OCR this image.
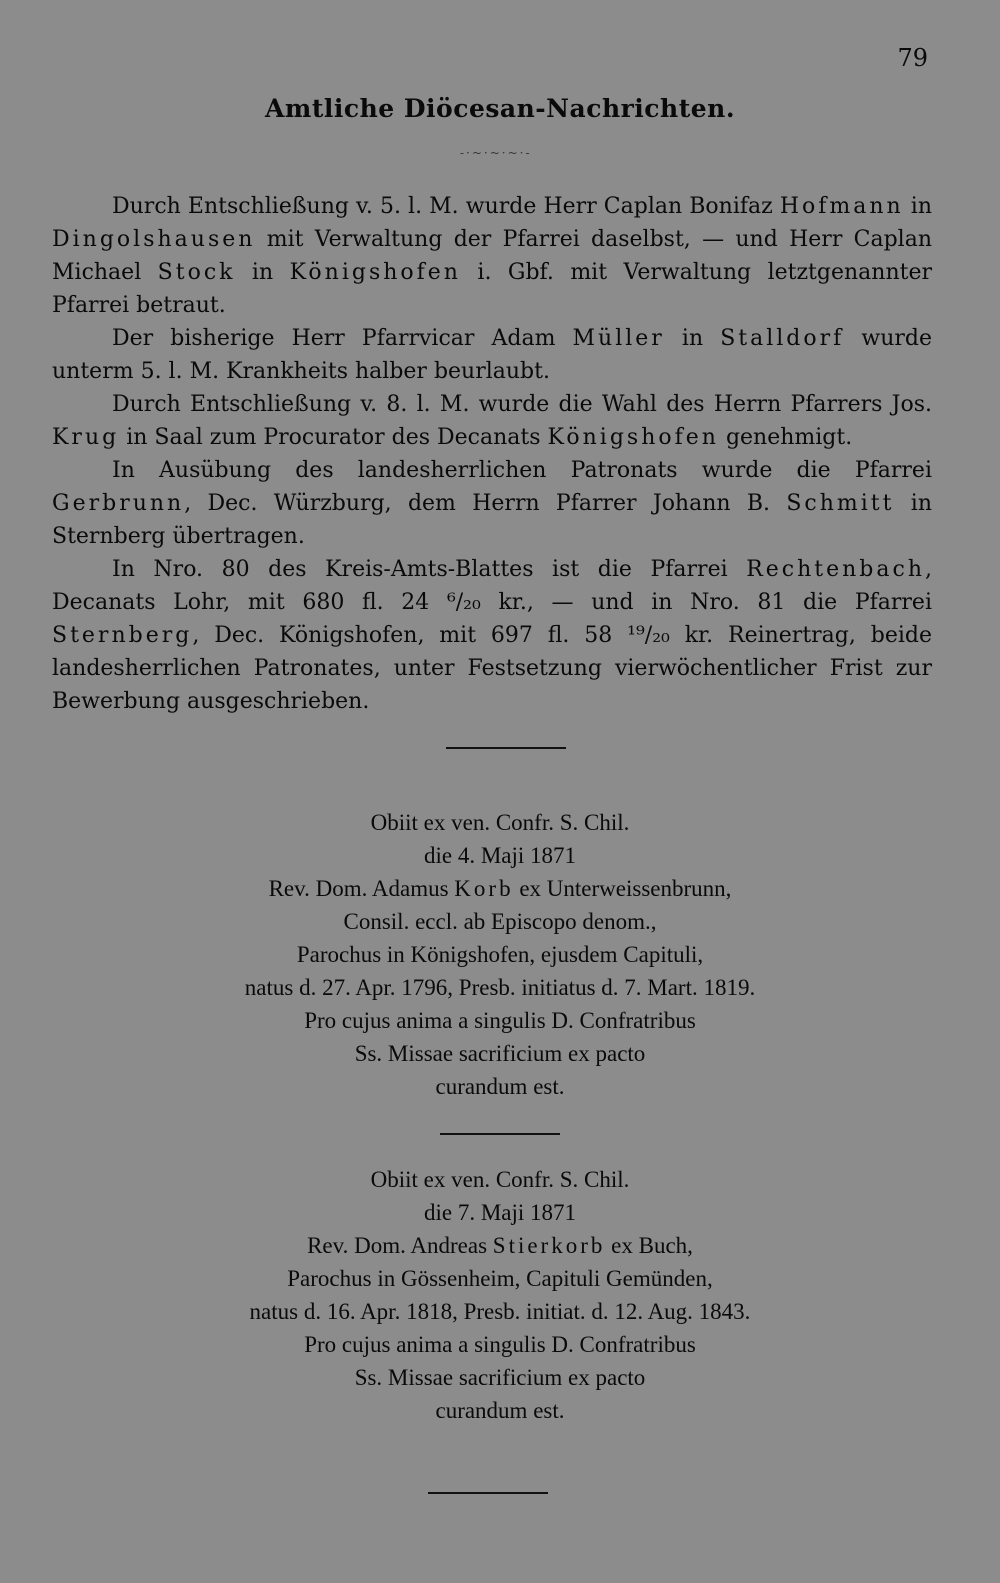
79
Amtliche Diöcesan-Nachrichten.
-·~·~·~·-

Durch Entschließung v. 5. l. M. wurde Herr Caplan Bonifaz Hofmann in Dingolshausen mit Verwaltung der Pfarrei daselbst, — und Herr Caplan Michael Stock in Königshofen i. Gbf. mit Verwaltung letztgenannter Pfarrei betraut.

Der bisherige Herr Pfarrvicar Adam Müller in Stalldorf wurde unterm 5. l. M. Krankheits halber beurlaubt.

Durch Entschließung v. 8. l. M. wurde die Wahl des Herrn Pfarrers Jos. Krug in Saal zum Procurator des Decanats Königshofen genehmigt.

In Ausübung des landesherrlichen Patronats wurde die Pfarrei Gerbrunn, Dec. Würzburg, dem Herrn Pfarrer Johann B. Schmitt in Sternberg übertragen.

In Nro. 80 des Kreis-Amts-Blattes ist die Pfarrei Rechtenbach, Decanats Lohr, mit 680 fl. 24 ⁶/₂₀ kr., — und in Nro. 81 die Pfarrei Sternberg, Dec. Königshofen, mit 697 fl. 58 ¹⁹/₂₀ kr. Reinertrag, beide landesherrlichen Patronates, unter Festsetzung vierwöchentlicher Frist zur Bewerbung ausgeschrieben.

Obiit ex ven. Confr. S. Chil.
die 4. Maji 1871
Rev. Dom. Adamus Korb ex Unterweissenbrunn,
Consil. eccl. ab Episcopo denom.,
Parochus in Königshofen, ejusdem Capituli,
natus d. 27. Apr. 1796, Presb. initiatus d. 7. Mart. 1819.
Pro cujus anima a singulis D. Confratribus
Ss. Missae sacrificium ex pacto
curandum est.
Obiit ex ven. Confr. S. Chil.
die 7. Maji 1871
Rev. Dom. Andreas Stierkorb ex Buch,
Parochus in Gössenheim, Capituli Gemünden,
natus d. 16. Apr. 1818, Presb. initiat. d. 12. Aug. 1843.
Pro cujus anima a singulis D. Confratribus
Ss. Missae sacrificium ex pacto
curandum est.
